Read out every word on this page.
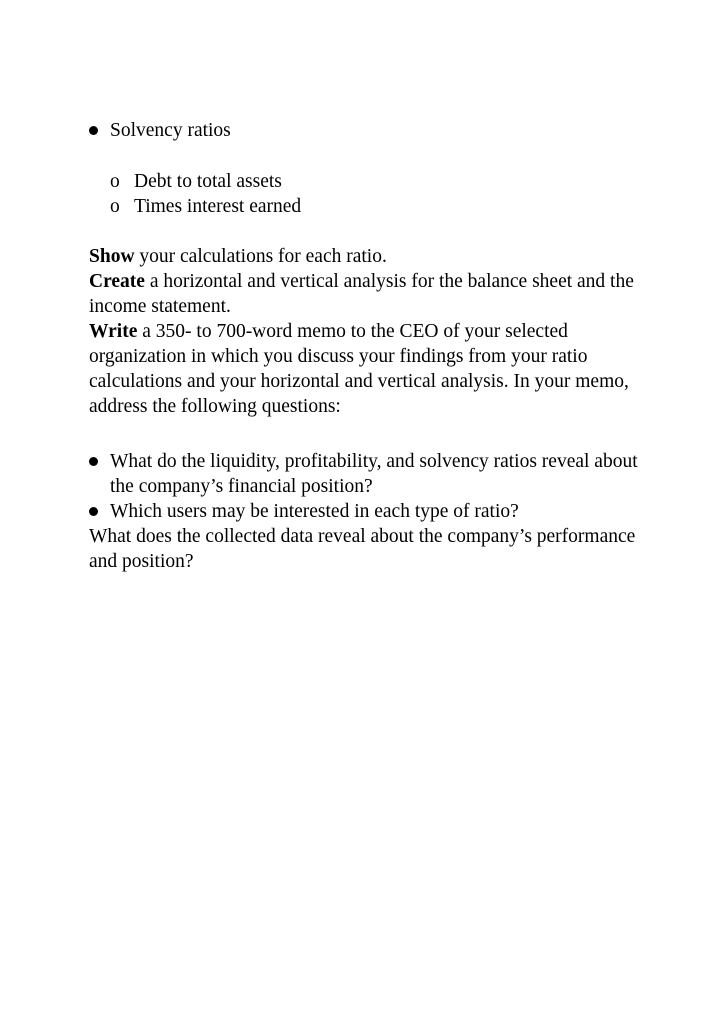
Solvency ratios
o Debt to total assets
o Times interest earned

Show your calculations for each ratio.

Create a horizontal and vertical analysis for the balance sheet and the income statement.

Write a 350- to 700-word memo to the CEO of your selected organization in which you discuss your findings from your ratio calculations and your horizontal and vertical analysis. In your memo, address the following questions:

What do the liquidity, profitability, and solvency ratios reveal about the company’s financial position?
Which users may be interested in each type of ratio?

What does the collected data reveal about the company’s performance and position?
